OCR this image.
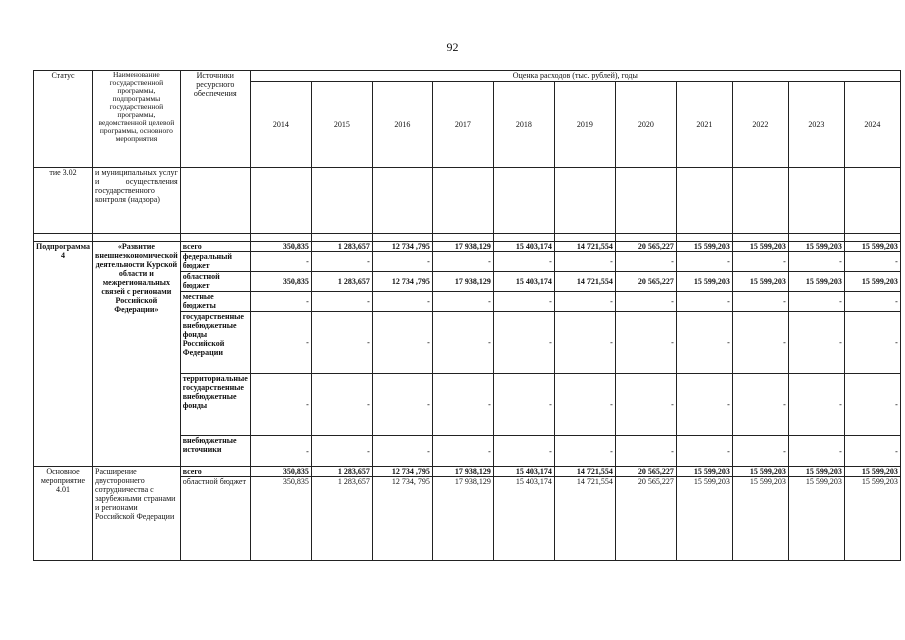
92
Статус	Наименование государственной программы, подпрограммы государственной программы, ведомственной целевой программы, основного мероприятия	Источники ресурсного обеспечения	Оценка расходов (тыс. рублей), годы										
			2014	2015	2016	2017	2018	2019	2020	2021	2022	2023	2024
тие 3.02	и муниципальных услуг и осуществления государственного контроля (надзора)												

Подпрограмма 4	«Развитие внешнеэкономической деятельности Курской области и межрегиональных связей с регионами Российской Федерации»	всего	350,835	1 283,657	12 734 ,795	17 938,129	15 403,174	14 721,554	20 565,227	15 599,203	15 599,203	15 599,203	15 599,203
		федеральный бюджет	-	-	-	-	-	-	-	-	-	-	-
		областной бюджет	350,835	1 283,657	12 734 ,795	17 938,129	15 403,174	14 721,554	20 565,227	15 599,203	15 599,203	15 599,203	15 599,203
		местные бюджеты	-	-	-	-	-	-	-	-	-	-	-
		государственные внебюджетные фонды Российской Федерации	-	-	-	-	-	-	-	-	-	-	-
		территориальные государственные внебюджетные фонды	-	-	-	-	-	-	-	-	-	-	-
		внебюджетные источники	-	-	-	-	-	-	-	-	-	-	-
Основное мероприятие 4.01	Расширение двустороннего сотрудничества с зарубежными странами и регионами Российской Федерации	всего	350,835	1 283,657	12 734 ,795	17 938,129	15 403,174	14 721,554	20 565,227	15 599,203	15 599,203	15 599,203	15 599,203
		областной бюджет	350,835	1 283,657	12 734, 795	17 938,129	15 403,174	14 721,554	20 565,227	15 599,203	15 599,203	15 599,203	15 599,203
